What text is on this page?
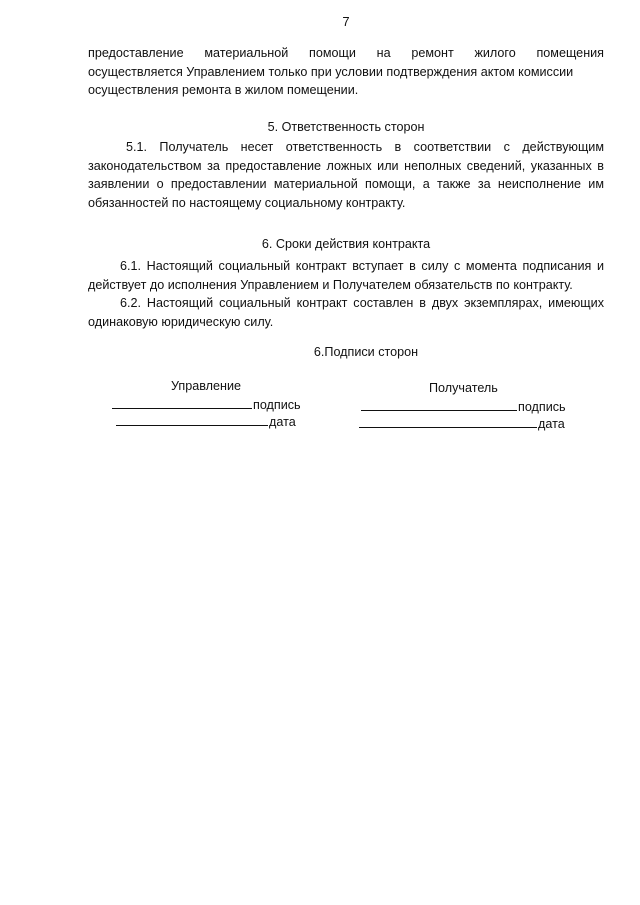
7

предоставление материальной помощи на ремонт жилого помещения

осуществляется Управлением только при условии подтверждения актом комиссии

осуществления ремонта в жилом помещении.

5. Ответственность сторон

5.1. Получатель несет ответственность в соответствии с действующим законодательством за предоставление ложных или неполных сведений, указанных в заявлении о предоставлении материальной помощи, а также за неисполнение им обязанностей по настоящему социальному контракту.

6. Сроки действия контракта

6.1. Настоящий социальный контракт вступает в силу с момента подписания и действует до исполнения Управлением и Получателем обязательств по контракту.

6.2. Настоящий социальный контракт составлен в двух экземплярах, имеющих одинаковую юридическую силу.

6.Подписи сторон

Управление
подпись
дата
Получатель
подпись
дата
